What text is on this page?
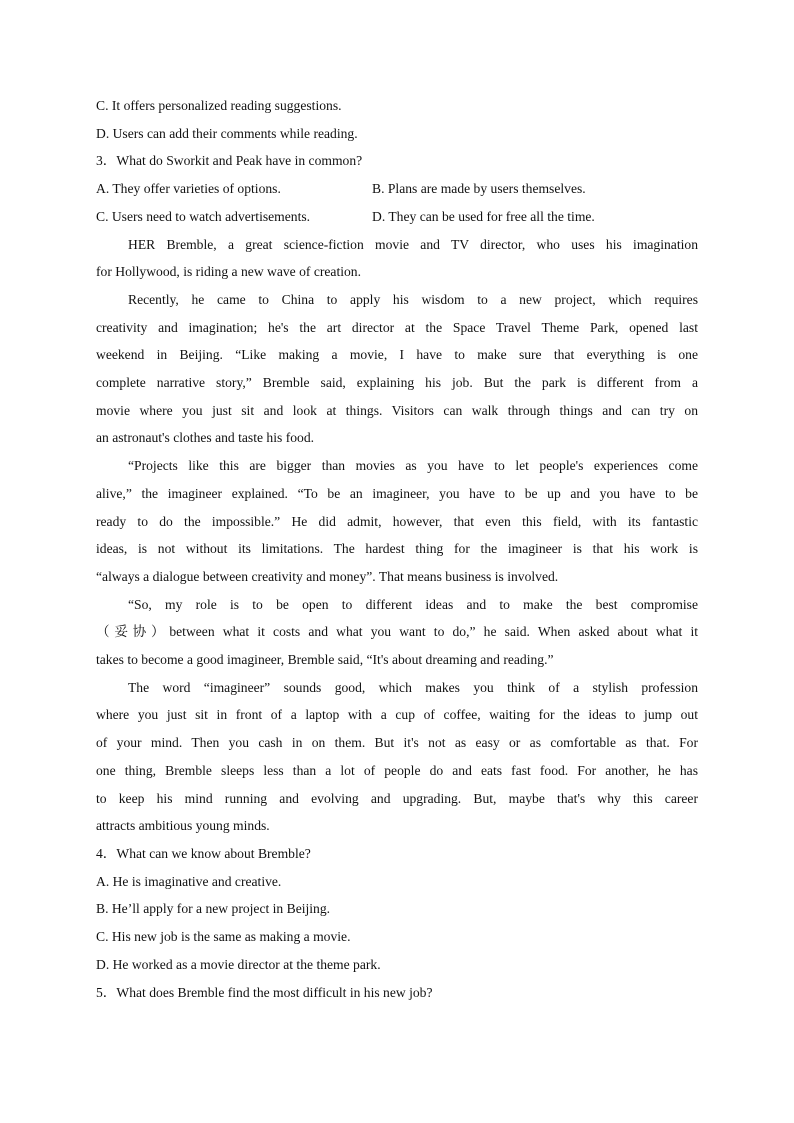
C. It offers personalized reading suggestions.

D. Users can add their comments while reading.

3．What do Sworkit and Peak have in common?

A. They offer varieties of options.	B. Plans are made by users themselves.

C. Users need to watch advertisements.	D. They can be used for free all the time.

HER Bremble, a great science-fiction movie and TV director, who uses his imagination

for Hollywood, is riding a new wave of creation.

Recently, he came to China to apply his wisdom to a new project, which requires

creativity and imagination; he's the art director at the Space Travel Theme Park, opened last

weekend in Beijing. “Like making a movie, I have to make sure that everything is one

complete narrative story,” Bremble said, explaining his job. But the park is different from a

movie where you just sit and look at things. Visitors can walk through things and can try on

an astronaut's clothes and taste his food.

“Projects like this are bigger than movies as you have to let people's experiences come

alive,” the imagineer explained. “To be an imagineer, you have to be up and you have to be

ready to do the impossible.” He did admit, however, that even this field, with its fantastic

ideas, is not without its limitations. The hardest thing for the imagineer is that his work is

“always a dialogue between creativity and money”. That means business is involved.

“So, my role is to be open to different ideas and to make the best compromise

（妥协）between what it costs and what you want to do,” he said. When asked about what it

takes to become a good imagineer, Bremble said, “It's about dreaming and reading.”

The word “imagineer” sounds good, which makes you think of a stylish profession

where you just sit in front of a laptop with a cup of coffee, waiting for the ideas to jump out

of your mind. Then you cash in on them. But it's not as easy or as comfortable as that. For

one thing, Bremble sleeps less than a lot of people do and eats fast food. For another, he has

to keep his mind running and evolving and upgrading. But, maybe that's why this career

attracts ambitious young minds.

4．What can we know about Bremble?

A. He is imaginative and creative.

B. He’ll apply for a new project in Beijing.

C. His new job is the same as making a movie.

D. He worked as a movie director at the theme park.

5．What does Bremble find the most difficult in his new job?
